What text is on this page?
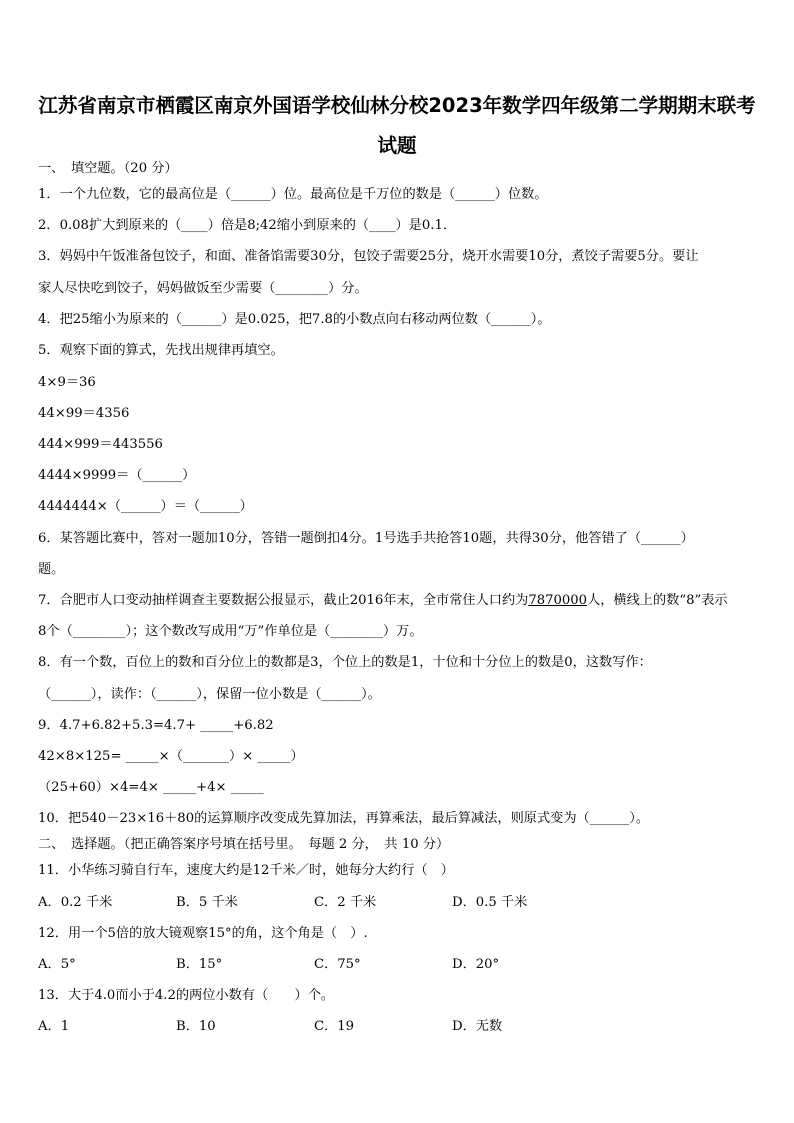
江苏省南京市栖霞区南京外国语学校仙林分校2023年数学四年级第二学期期末联考试题
一、　填空题。（20 分）
1．一个九位数，它的最高位是（______）位。最高位是千万位的数是（______）位数。
2．0.08扩大到原来的（____）倍是8;42缩小到原来的（____）是0.1．
3．妈妈中午饭准备包饺子，和面、准备馅需要30分，包饺子需要25分，烧开水需要10分，煮饺子需要5分。要让
家人尽快吃到饺子，妈妈做饭至少需要（________）分。
4．把25缩小为原来的（______）是0.025，把7.8的小数点向右移动两位数（______）。
5．观察下面的算式，先找出规律再填空。
4×9＝36
44×99＝4356
444×999＝443556
4444×9999＝（______）
4444444×（______）＝（______）
6．某答题比赛中，答对一题加10分，答错一题倒扣4分。1号选手共抢答10题，共得30分，他答错了（______）
题。
7．合肥市人口变动抽样调查主要数据公报显示，截止2016年末，全市常住人口约为7870000人，横线上的数“8”表示
8个（________）；这个数改写成用“万”作单位是（________）万。
8．有一个数，百位上的数和百分位上的数都是3，个位上的数是1，十位和十分位上的数是0，这数写作：
（______），读作：（______），保留一位小数是（______）。
9．4.7+6.82+5.3=4.7+ _____+6.82
42×8×125= _____×（_______）× _____）
（25+60）×4=4× _____+4× _____
10．把540－23×16＋80的运算顺序改变成先算加法，再算乘法，最后算减法，则原式变为（______）。
二、　选择题。（把正确答案序号填在括号里。　每题 2 分，　共 10 分）
11．小华练习骑自行车，速度大约是12千米／时，她每分大约行（　）
A．0.2 千米	B．5 千米	C．2 千米	D．0.5 千米
12．用一个5倍的放大镜观察15°的角，这个角是（　）.
A．5°	B．15°	C．75°	D．20°
13．大于4.0而小于4.2的两位小数有（　　）个。
A．1	B．10	C．19	D．无数
